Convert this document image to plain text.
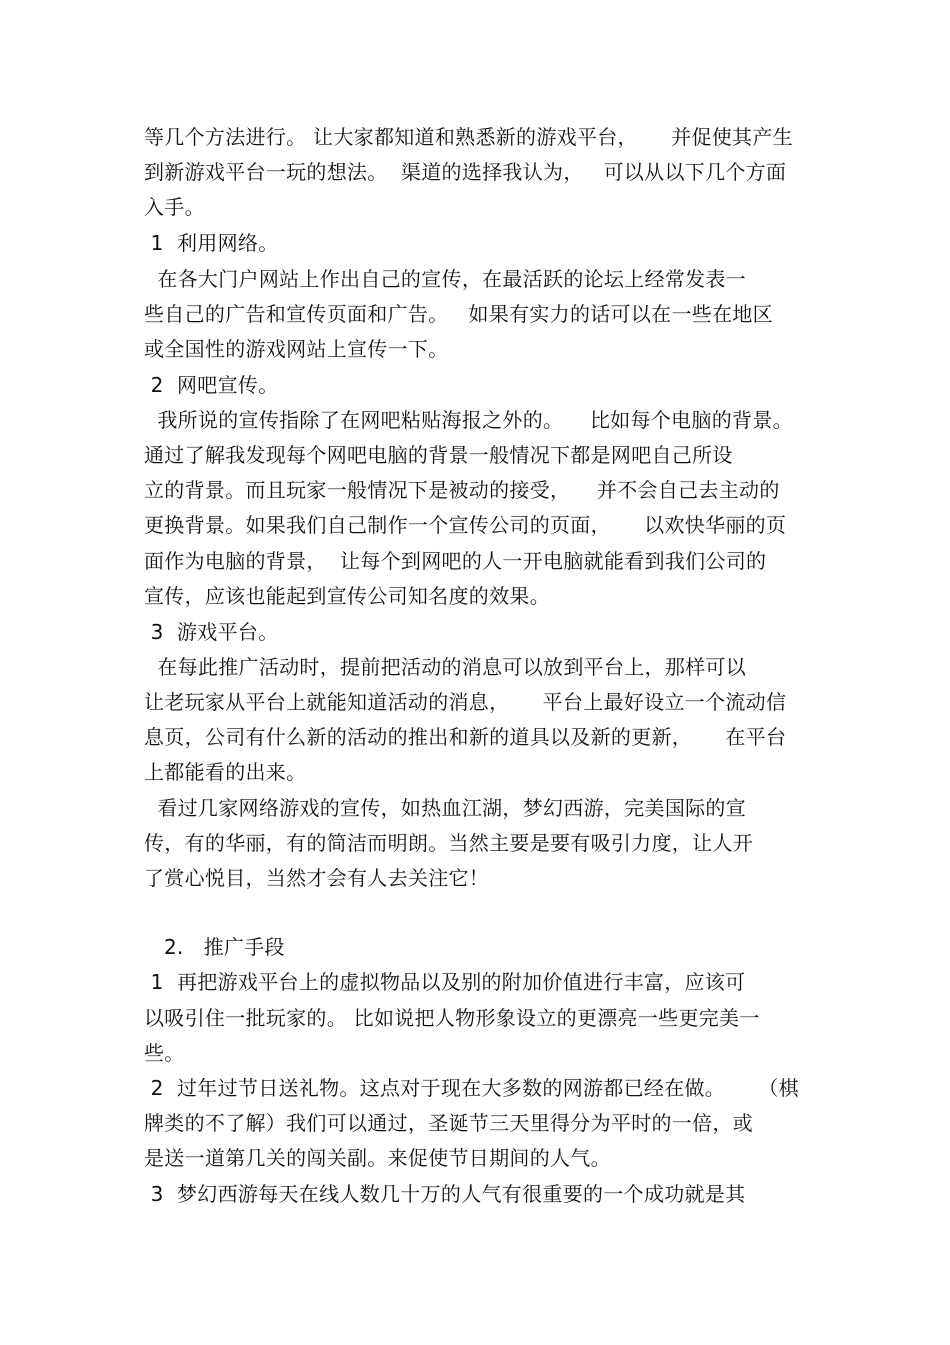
等几个方法进行。 让大家都知道和熟悉新的游戏平台，     并促使其产生
到新游戏平台一玩的想法。  渠道的选择我认为，   可以从以下几个方面
入手。
1  利用网络。
在各大门户网站上作出自己的宣传，在最活跃的论坛上经常发表一
些自己的广告和宣传页面和广告。   如果有实力的话可以在一些在地区
或全国性的游戏网站上宣传一下。
2  网吧宣传。
我所说的宣传指除了在网吧粘贴海报之外的。    比如每个电脑的背景。
通过了解我发现每个网吧电脑的背景一般情况下都是网吧自己所设
立的背景。而且玩家一般情况下是被动的接受，    并不会自己去主动的
更换背景。如果我们自己制作一个宣传公司的页面，     以欢快华丽的页
面作为电脑的背景，  让每个到网吧的人一开电脑就能看到我们公司的
宣传，应该也能起到宣传公司知名度的效果。
3  游戏平台。
在每此推广活动时，提前把活动的消息可以放到平台上，那样可以
让老玩家从平台上就能知道活动的消息，     平台上最好设立一个流动信
息页，公司有什么新的活动的推出和新的道具以及新的更新，     在平台
上都能看的出来。
看过几家网络游戏的宣传，如热血江湖，梦幻西游，完美国际的宣
传，有的华丽，有的简洁而明朗。当然主要是要有吸引力度，让人开
了赏心悦目，当然才会有人去关注它！
2.   推广手段
1  再把游戏平台上的虚拟物品以及别的附加价值进行丰富，应该可
以吸引住一批玩家的。 比如说把人物形象设立的更漂亮一些更完美一
些。
2  过年过节日送礼物。这点对于现在大多数的网游都已经在做。     （棋
牌类的不了解）我们可以通过，圣诞节三天里得分为平时的一倍，或
是送一道第几关的闯关副。来促使节日期间的人气。
3  梦幻西游每天在线人数几十万的人气有很重要的一个成功就是其
